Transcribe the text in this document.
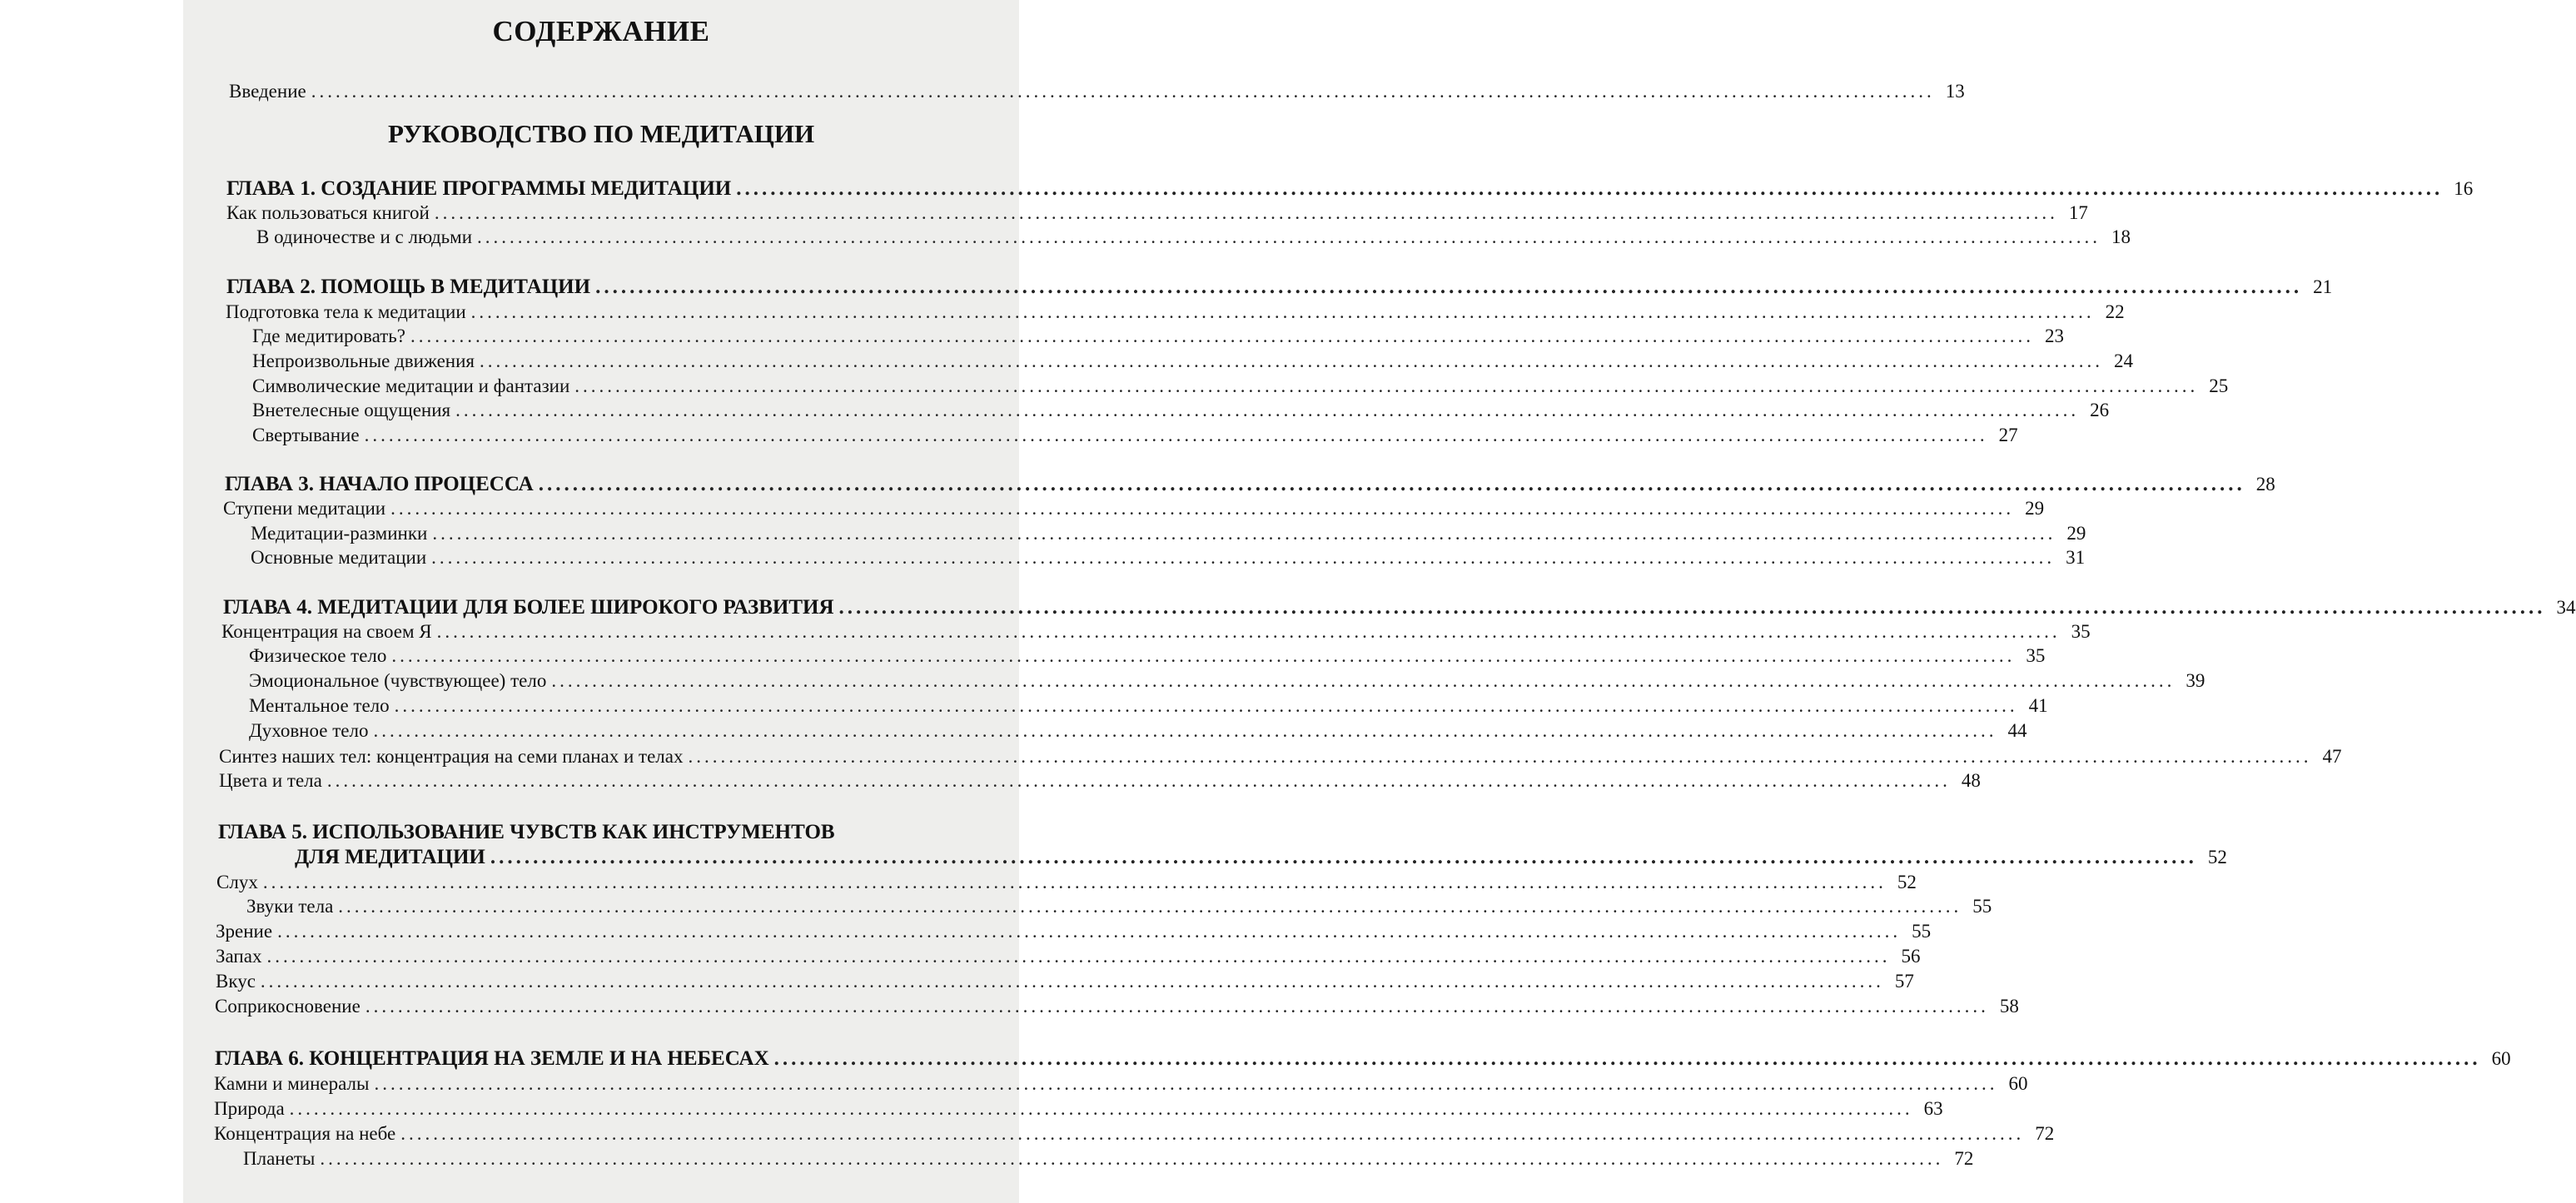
СОДЕРЖАНИЕ
Введение ........................................................................................................................................................................................................ 13
РУКОВОДСТВО ПО МЕДИТАЦИИ
ГЛАВА 1. СОЗДАНИЕ ПРОГРАММЫ МЕДИТАЦИИ ........................................................................................................................................................................................................ 16
Как пользоваться книгой ........................................................................................................................................................................................................ 17
В одиночестве и с людьми ........................................................................................................................................................................................................ 18
ГЛАВА 2. ПОМОЩЬ В МЕДИТАЦИИ ........................................................................................................................................................................................................ 21
Подготовка тела к медитации ........................................................................................................................................................................................................ 22
Где медитировать? ........................................................................................................................................................................................................ 23
Непроизвольные движения ........................................................................................................................................................................................................ 24
Символические медитации и фантазии ........................................................................................................................................................................................................ 25
Внетелесные ощущения ........................................................................................................................................................................................................ 26
Свертывание ........................................................................................................................................................................................................ 27
ГЛАВА 3. НАЧАЛО ПРОЦЕССА ........................................................................................................................................................................................................ 28
Ступени медитации ........................................................................................................................................................................................................ 29
Медитации-разминки ........................................................................................................................................................................................................ 29
Основные медитации ........................................................................................................................................................................................................ 31
ГЛАВА 4. МЕДИТАЦИИ ДЛЯ БОЛЕЕ ШИРОКОГО РАЗВИТИЯ ........................................................................................................................................................................................................ 34
Концентрация на своем Я ........................................................................................................................................................................................................ 35
Физическое тело ........................................................................................................................................................................................................ 35
Эмоциональное (чувствующее) тело ........................................................................................................................................................................................................ 39
Ментальное тело ........................................................................................................................................................................................................ 41
Духовное тело ........................................................................................................................................................................................................ 44
Синтез наших тел: концентрация на семи планах и телах ........................................................................................................................................................................................................ 47
Цвета и тела ........................................................................................................................................................................................................ 48
ГЛАВА 5. ИСПОЛЬЗОВАНИЕ ЧУВСТВ КАК ИНСТРУМЕНТОВ
ДЛЯ МЕДИТАЦИИ ........................................................................................................................................................................................................ 52
Слух ........................................................................................................................................................................................................ 52
Звуки тела ........................................................................................................................................................................................................ 55
Зрение ........................................................................................................................................................................................................ 55
Запах ........................................................................................................................................................................................................ 56
Вкус ........................................................................................................................................................................................................ 57
Соприкосновение ........................................................................................................................................................................................................ 58
ГЛАВА 6. КОНЦЕНТРАЦИЯ НА ЗЕМЛЕ И НА НЕБЕСАХ ........................................................................................................................................................................................................ 60
Камни и минералы ........................................................................................................................................................................................................ 60
Природа ........................................................................................................................................................................................................ 63
Концентрация на небе ........................................................................................................................................................................................................ 72
Планеты ........................................................................................................................................................................................................ 72
